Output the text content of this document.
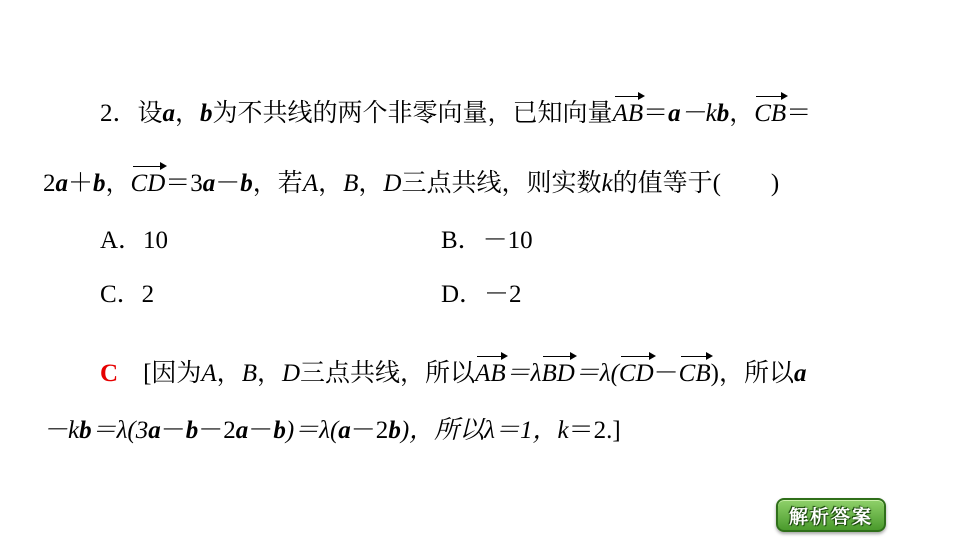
2．设a，b为不共线的两个非零向量，已知向量AB＝a－kb，CB＝
2a＋b，CD＝3a－b，若A，B，D三点共线，则实数k的值等于(　　)
A．10	B．－10
C．2	D．－2
C　[因为A，B，D三点共线，所以AB＝λBD＝λ(CD－CB)，所以a
－kb＝λ(3a－b－2a－b)＝λ(a－2b)，所以λ＝1，k＝2.]
解析答案
